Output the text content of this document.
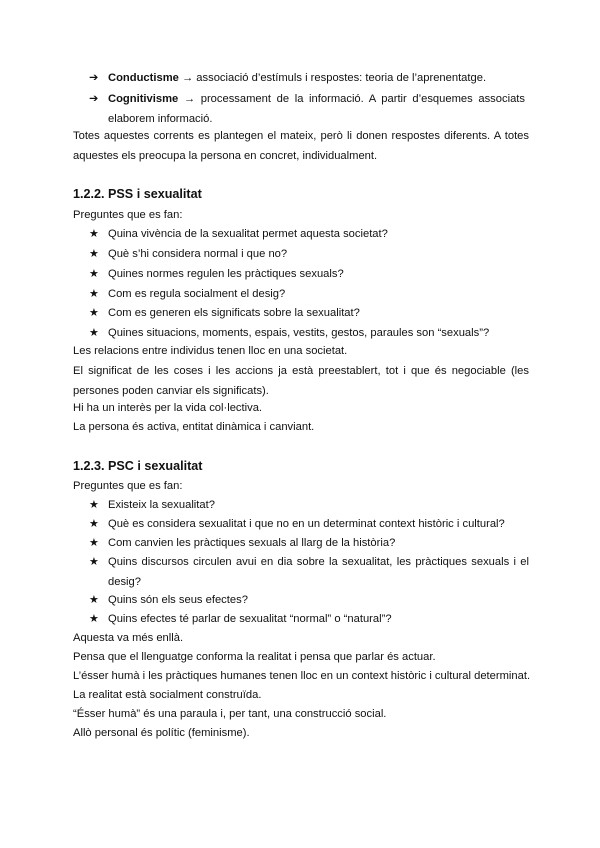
➔ Conductisme → associació d’estímuls i respostes: teoria de l’aprenentatge.
➔ Cognitivisme → processament de la informació. A partir d’esquemes associats elaborem informació.
Totes aquestes corrents es plantegen el mateix, però li donen respostes diferents. A totes aquestes els preocupa la persona en concret, individualment.
1.2.2. PSS i sexualitat
Preguntes que es fan:
★ Quina vivència de la sexualitat permet aquesta societat?
★ Què s’hi considera normal i que no?
★ Quines normes regulen les pràctiques sexuals?
★ Com es regula socialment el desig?
★ Com es generen els significats sobre la sexualitat?
★ Quines situacions, moments, espais, vestits, gestos, paraules son “sexuals”?
Les relacions entre individus tenen lloc en una societat.
El significat de les coses i les accions ja està preestablert, tot i que és negociable (les persones poden canviar els significats).
Hi ha un interès per la vida col·lectiva.
La persona és activa, entitat dinàmica i canviant.
1.2.3. PSC i sexualitat
Preguntes que es fan:
★ Existeix la sexualitat?
★ Què es considera sexualitat i que no en un determinat context històric i cultural?
★ Com canvien les pràctiques sexuals al llarg de la història?
★ Quins discursos circulen avui en dia sobre la sexualitat, les pràctiques sexuals i el desig?
★ Quins són els seus efectes?
★ Quins efectes té parlar de sexualitat “normal” o “natural”?
Aquesta va més enllà.
Pensa que el llenguatge conforma la realitat i pensa que parlar és actuar.
L’ésser humà i les pràctiques humanes tenen lloc en un context històric i cultural determinat.
La realitat està socialment construïda.
“Ésser humà” és una paraula i, per tant, una construcció social.
Allò personal és polític (feminisme).
